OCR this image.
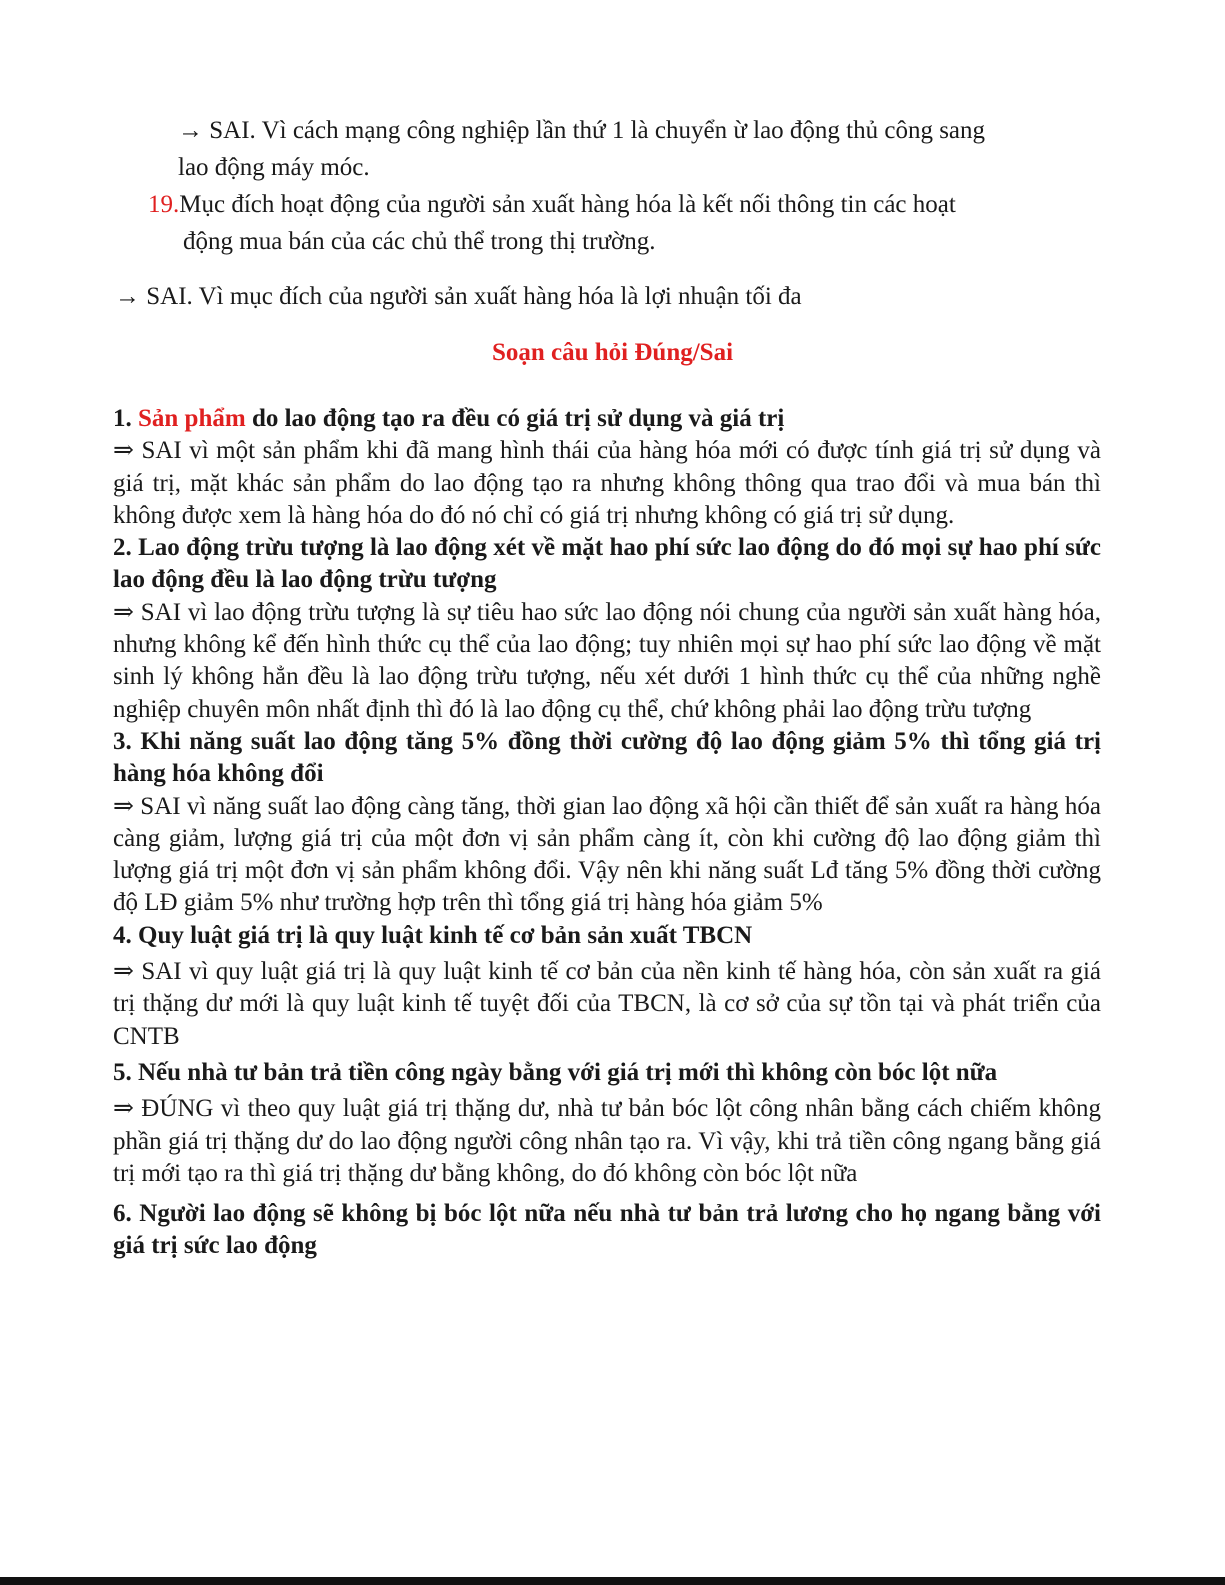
→ SAI. Vì cách mạng công nghiệp lần thứ 1 là chuyển ừ lao động thủ công sang

lao động máy móc.

19.Mục đích hoạt động của người sản xuất hàng hóa là kết nối thông tin các hoạt
động mua bán của các chủ thể trong thị trường.
→ SAI. Vì mục đích của người sản xuất hàng hóa là lợi nhuận tối đa
Soạn câu hỏi Đúng/Sai

1. Sản phẩm do lao động tạo ra đều có giá trị sử dụng và giá trị

⇒ SAI vì một sản phẩm khi đã mang hình thái của hàng hóa mới có được tính giá trị sử dụng và giá trị, mặt khác sản phẩm do lao động tạo ra nhưng không thông qua trao đổi và mua bán thì không được xem là hàng hóa do đó nó chỉ có giá trị nhưng không có giá trị sử dụng.

2. Lao động trừu tượng là lao động xét về mặt hao phí sức lao động do đó mọi sự hao phí sức lao động đều là lao động trừu tượng

⇒ SAI vì lao động trừu tượng là sự tiêu hao sức lao động nói chung của người sản xuất hàng hóa, nhưng không kể đến hình thức cụ thể của lao động; tuy nhiên mọi sự hao phí sức lao động về mặt sinh lý không hẳn đều là lao động trừu tượng, nếu xét dưới 1 hình thức cụ thể của những nghề nghiệp chuyên môn nhất định thì đó là lao động cụ thể, chứ không phải lao động trừu tượng

3. Khi năng suất lao động tăng 5% đồng thời cường độ lao động giảm 5% thì tổng giá trị hàng hóa không đổi

⇒ SAI vì năng suất lao động càng tăng, thời gian lao động xã hội cần thiết để sản xuất ra hàng hóa càng giảm, lượng giá trị của một đơn vị sản phẩm càng ít, còn khi cường độ lao động giảm thì lượng giá trị một đơn vị sản phẩm không đổi. Vậy nên khi năng suất Lđ tăng 5% đồng thời cường độ LĐ giảm 5% như trường hợp trên thì tổng giá trị hàng hóa giảm 5%

4. Quy luật giá trị là quy luật kinh tế cơ bản sản xuất TBCN

⇒ SAI vì quy luật giá trị là quy luật kinh tế cơ bản của nền kinh tế hàng hóa, còn sản xuất ra giá trị thặng dư mới là quy luật kinh tế tuyệt đối của TBCN, là cơ sở của sự tồn tại và phát triển của CNTB

5. Nếu nhà tư bản trả tiền công ngày bằng với giá trị mới thì không còn bóc lột nữa

⇒ ĐÚNG vì theo quy luật giá trị thặng dư, nhà tư bản bóc lột công nhân bằng cách chiếm không phần giá trị thặng dư do lao động người công nhân tạo ra. Vì vậy, khi trả tiền công ngang bằng giá trị mới tạo ra thì giá trị thặng dư bằng không, do đó không còn bóc lột nữa

6. Người lao động sẽ không bị bóc lột nữa nếu nhà tư bản trả lương cho họ ngang bằng với giá trị sức lao động
